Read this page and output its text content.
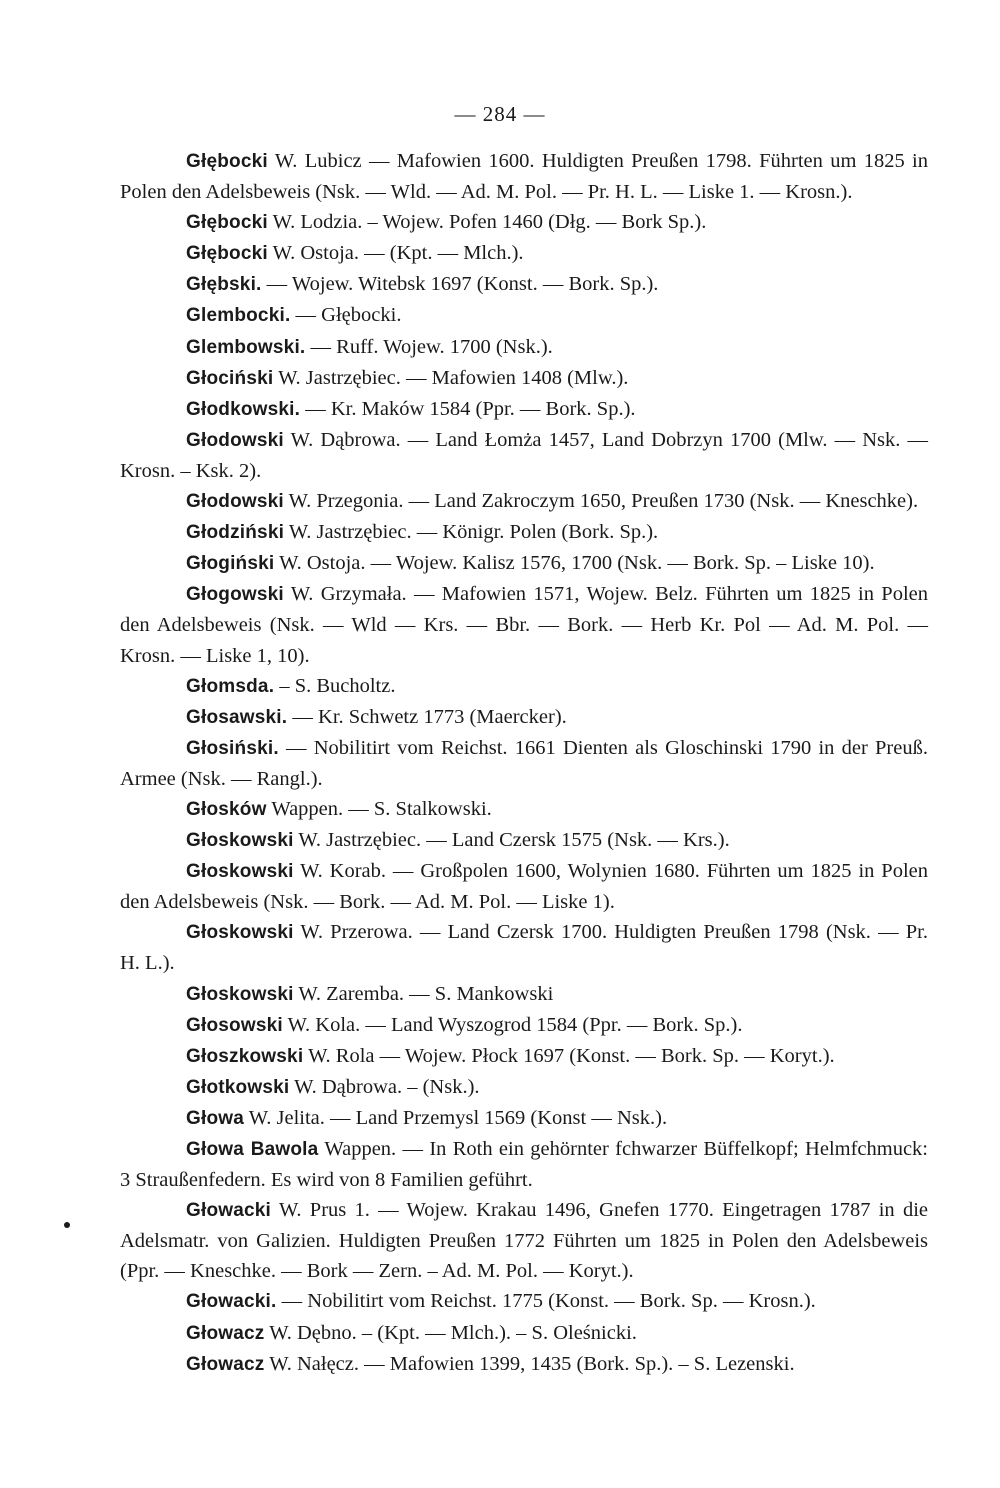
— 284 —

Głębocki W. Lubicz — Mafowien 1600. Huldigten Preußen 1798. Führten um 1825 in Polen den Adelsbeweis (Nsk. — Wld. — Ad. M. Pol. — Pr. H. L. — Liske 1. — Krosn.).

Głębocki W. Lodzia. – Wojew. Pofen 1460 (Dłg. — Bork Sp.).

Głębocki W. Ostoja. — (Kpt. — Mlch.).

Głębski. — Wojew. Witebsk 1697 (Konst. — Bork. Sp.).

Glembocki. — Głębocki.

Glembowski. — Ruff. Wojew. 1700 (Nsk.).

Głociński W. Jastrzębiec. — Mafowien 1408 (Mlw.).

Głodkowski. — Kr. Maków 1584 (Ppr. — Bork. Sp.).

Głodowski W. Dąbrowa. — Land Łomża 1457, Land Dobrzyn 1700 (Mlw. — Nsk. — Krosn. – Ksk. 2).

Głodowski W. Przegonia. — Land Zakroczym 1650, Preußen 1730 (Nsk. — Kneschke).

Głodziński W. Jastrzębiec. — Königr. Polen (Bork. Sp.).

Głogiński W. Ostoja. — Wojew. Kalisz 1576, 1700 (Nsk. — Bork. Sp. – Liske 10).

Głogowski W. Grzymała. — Mafowien 1571, Wojew. Belz. Führten um 1825 in Polen den Adelsbeweis (Nsk. — Wld — Krs. — Bbr. — Bork. — Herb Kr. Pol — Ad. M. Pol. — Krosn. — Liske 1, 10).

Głomsda. – S. Bucholtz.

Głosawski. — Kr. Schwetz 1773 (Maercker).

Głosiński. — Nobilitirt vom Reichst. 1661 Dienten als Gloschinski 1790 in der Preuß. Armee (Nsk. — Rangl.).

Głosków Wappen. — S. Stalkowski.

Głoskowski W. Jastrzębiec. — Land Czersk 1575 (Nsk. — Krs.).

Głoskowski W. Korab. — Großpolen 1600, Wolynien 1680. Führten um 1825 in Polen den Adelsbeweis (Nsk. — Bork. — Ad. M. Pol. — Liske 1).

Głoskowski W. Przerowa. — Land Czersk 1700. Huldigten Preußen 1798 (Nsk. — Pr. H. L.).

Głoskowski W. Zaremba. — S. Mankowski

Głosowski W. Kola. — Land Wyszogrod 1584 (Ppr. — Bork. Sp.).

Głoszkowski W. Rola — Wojew. Płock 1697 (Konst. — Bork. Sp. — Koryt.).

Głotkowski W. Dąbrowa. – (Nsk.).

Głowa W. Jelita. — Land Przemysl 1569 (Konst — Nsk.).

Głowa Bawola Wappen. — In Roth ein gehörnter fchwarzer Büffelkopf; Helmfchmuck: 3 Straußenfedern. Es wird von 8 Familien geführt.

Głowacki W. Prus 1. — Wojew. Krakau 1496, Gnefen 1770. Eingetragen 1787 in die Adelsmatr. von Galizien. Huldigten Preußen 1772 Führten um 1825 in Polen den Adelsbeweis (Ppr. — Kneschke. — Bork — Zern. – Ad. M. Pol. — Koryt.).

Głowacki. — Nobilitirt vom Reichst. 1775 (Konst. — Bork. Sp. — Krosn.).

Głowacz W. Dębno. – (Kpt. — Mlch.). – S. Oleśnicki.

Głowacz W. Nałęcz. — Mafowien 1399, 1435 (Bork. Sp.). – S. Lezenski.
